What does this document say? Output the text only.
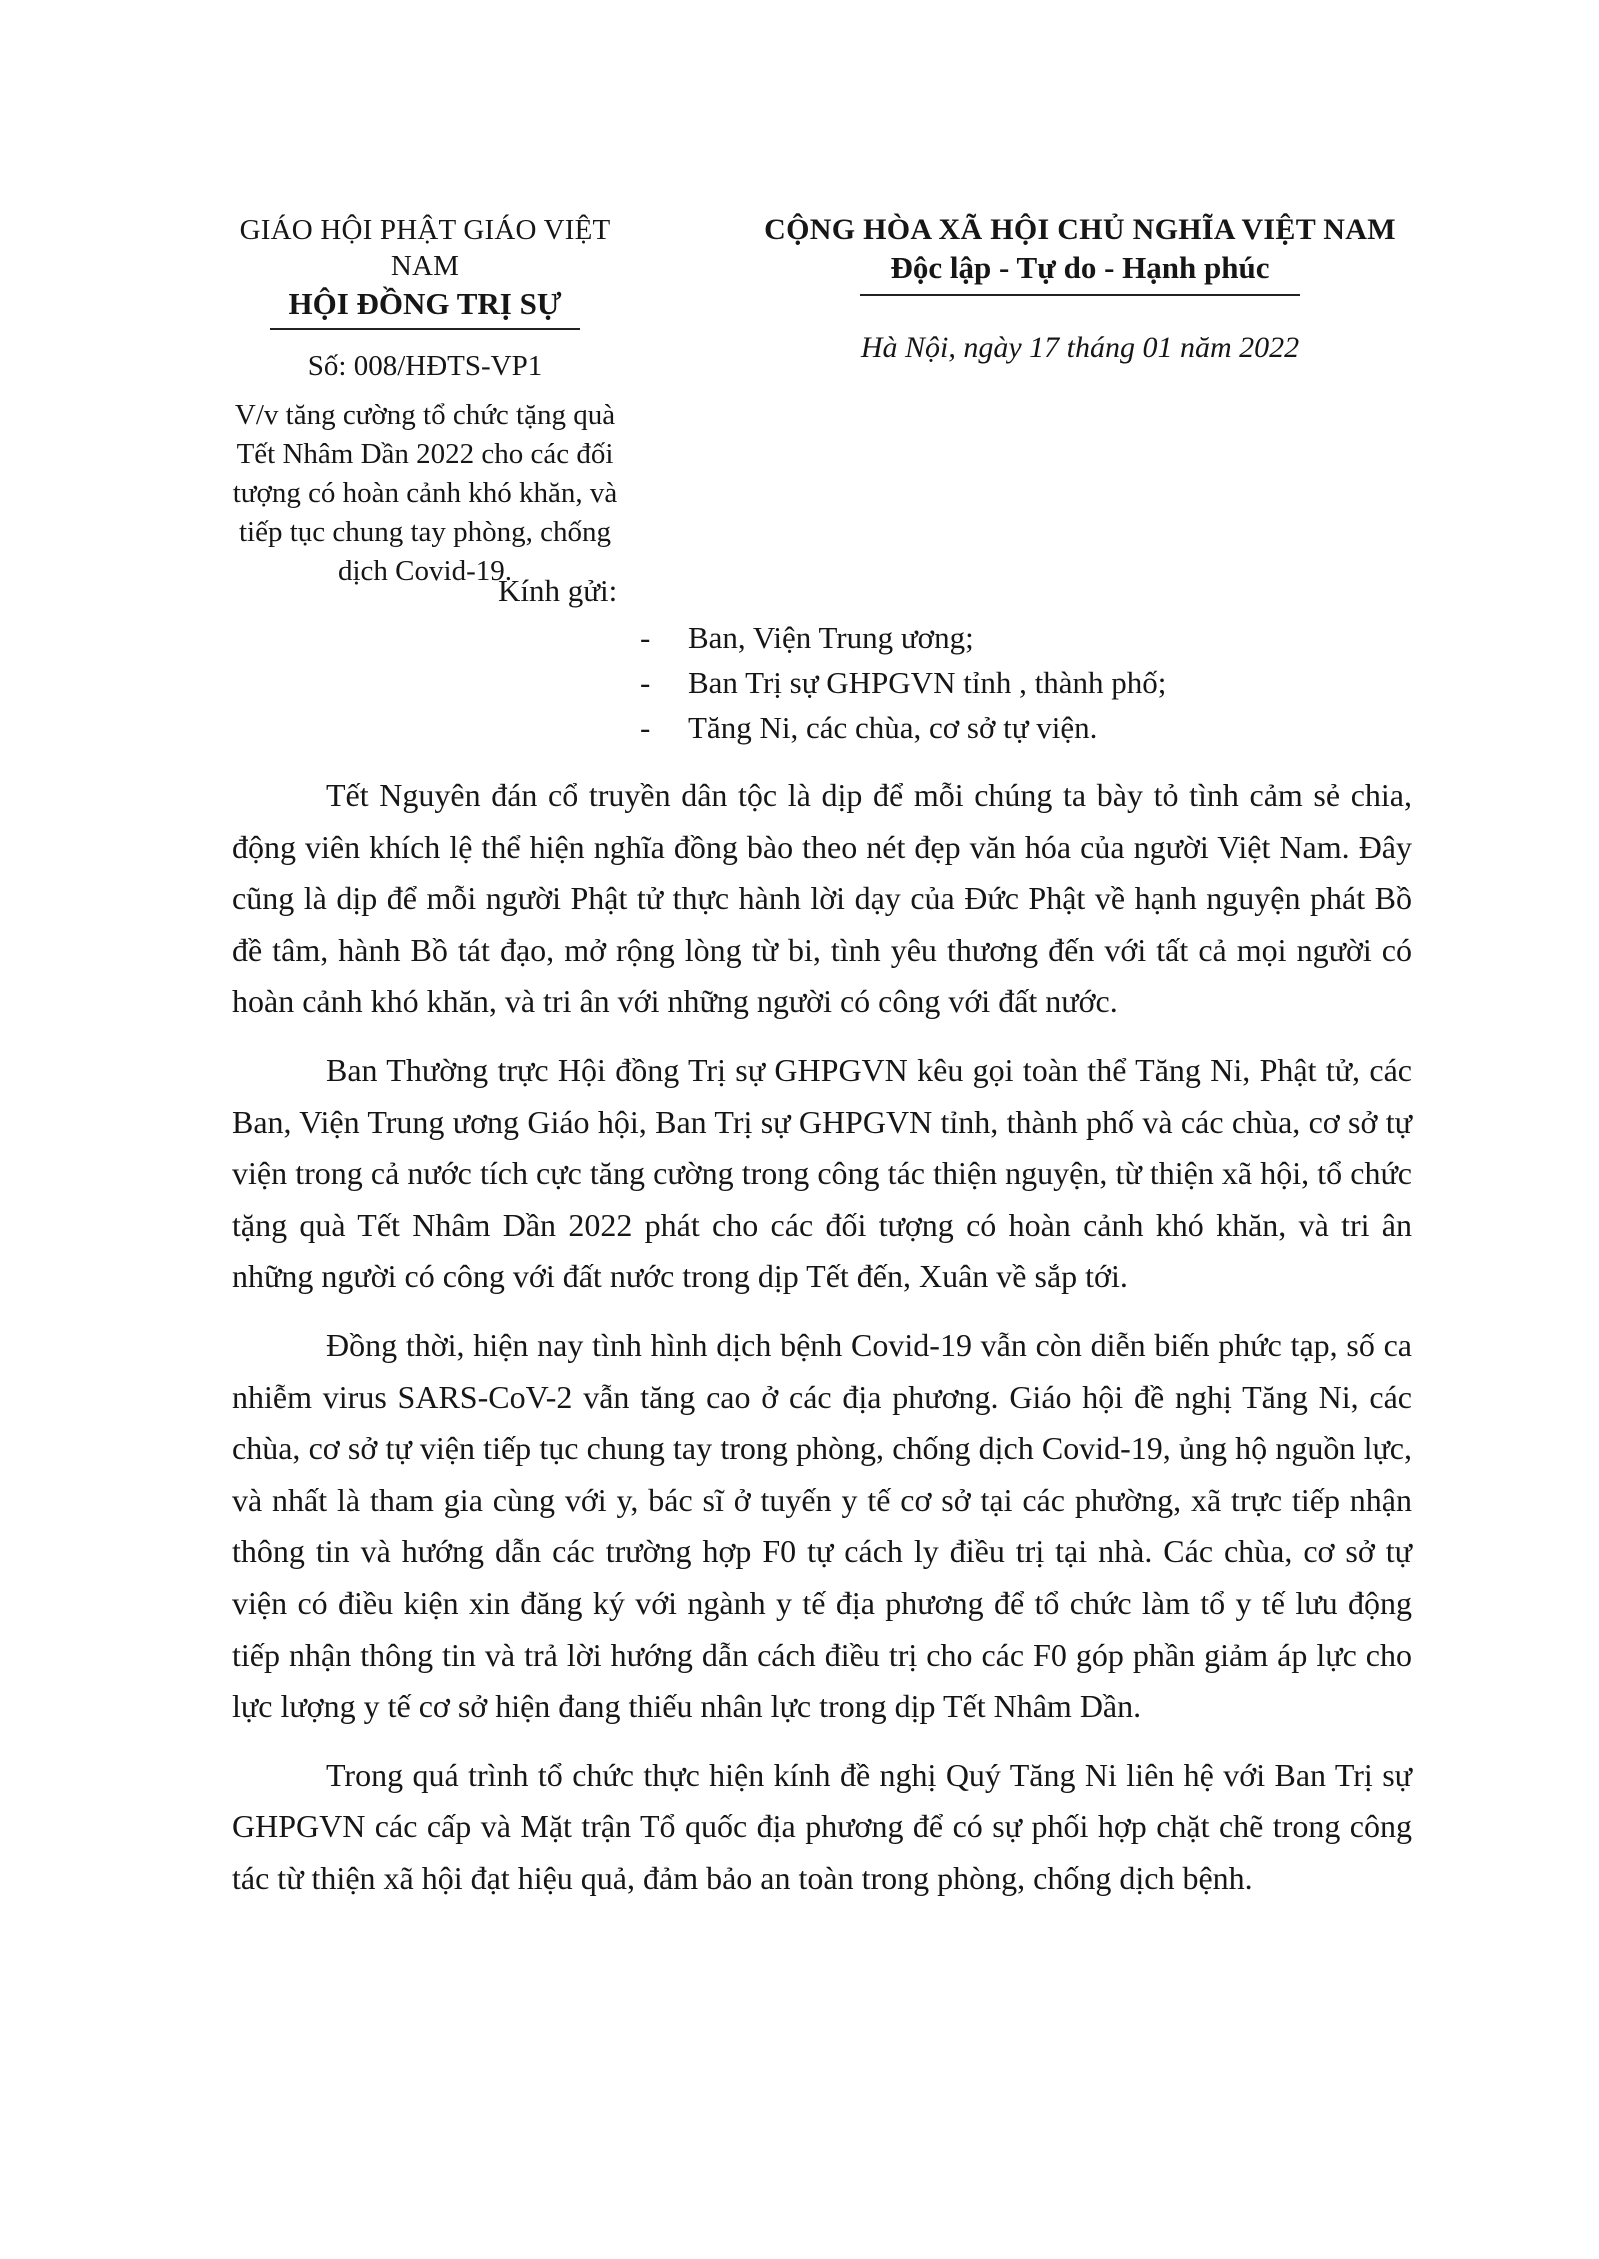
GIÁO HỘI PHẬT GIÁO VIỆT NAM
HỘI ĐỒNG TRỊ SỰ
Số: 008/HĐTS-VP1
V/v tăng cường tổ chức tặng quà Tết Nhâm Dần 2022 cho các đối tượng có hoàn cảnh khó khăn, và tiếp tục chung tay phòng, chống dịch Covid-19.
CỘNG HÒA XÃ HỘI CHỦ NGHĨA VIỆT NAM
Độc lập - Tự do - Hạnh phúc
Hà Nội, ngày 17 tháng 01 năm 2022
Kính gửi:
- Ban, Viện Trung ương;
- Ban Trị sự GHPGVN tỉnh , thành phố;
- Tăng Ni, các chùa, cơ sở tự viện.

Tết Nguyên đán cổ truyền dân tộc là dịp để mỗi chúng ta bày tỏ tình cảm sẻ chia, động viên khích lệ thể hiện nghĩa đồng bào theo nét đẹp văn hóa của người Việt Nam. Đây cũng là dịp để mỗi người Phật tử thực hành lời dạy của Đức Phật về hạnh nguyện phát Bồ đề tâm, hành Bồ tát đạo, mở rộng lòng từ bi, tình yêu thương đến với tất cả mọi người có hoàn cảnh khó khăn, và tri ân với những người có công với đất nước.

Ban Thường trực Hội đồng Trị sự GHPGVN kêu gọi toàn thể Tăng Ni, Phật tử, các Ban, Viện Trung ương Giáo hội, Ban Trị sự GHPGVN tỉnh, thành phố và các chùa, cơ sở tự viện trong cả nước tích cực tăng cường trong công tác thiện nguyện, từ thiện xã hội, tổ chức tặng quà Tết Nhâm Dần 2022 phát cho các đối tượng có hoàn cảnh khó khăn, và tri ân những người có công với đất nước trong dịp Tết đến, Xuân về sắp tới.

Đồng thời, hiện nay tình hình dịch bệnh Covid-19 vẫn còn diễn biến phức tạp, số ca nhiễm virus SARS-CoV-2 vẫn tăng cao ở các địa phương. Giáo hội đề nghị Tăng Ni, các chùa, cơ sở tự viện tiếp tục chung tay trong phòng, chống dịch Covid-19, ủng hộ nguồn lực, và nhất là tham gia cùng với y, bác sĩ ở tuyến y tế cơ sở tại các phường, xã trực tiếp nhận thông tin và hướng dẫn các trường hợp F0 tự cách ly điều trị tại nhà. Các chùa, cơ sở tự viện có điều kiện xin đăng ký với ngành y tế địa phương để tổ chức làm tổ y tế lưu động tiếp nhận thông tin và trả lời hướng dẫn cách điều trị cho các F0 góp phần giảm áp lực cho lực lượng y tế cơ sở hiện đang thiếu nhân lực trong dịp Tết Nhâm Dần.

Trong quá trình tổ chức thực hiện kính đề nghị Quý Tăng Ni liên hệ với Ban Trị sự GHPGVN các cấp và Mặt trận Tổ quốc địa phương để có sự phối hợp chặt chẽ trong công tác từ thiện xã hội đạt hiệu quả, đảm bảo an toàn trong phòng, chống dịch bệnh.
